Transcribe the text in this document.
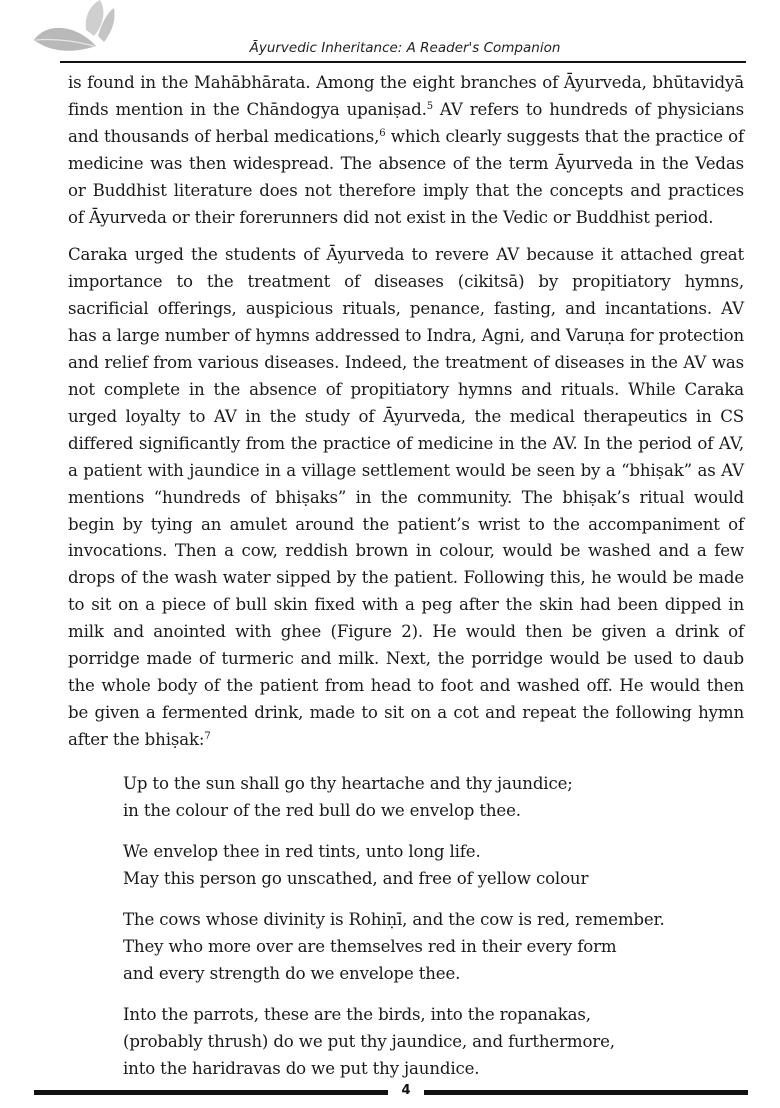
Āyurvedic Inheritance: A Reader's Companion

is found in the Mahābhārata. Among the eight branches of Āyurveda, bhūtavidyā finds mention in the Chāndogya upaniṣad.$^5$ AV refers to hundreds of physicians and thousands of herbal medications,$^6$ which clearly suggests that the practice of medicine was then widespread. The absence of the term Āyurveda in the Vedas or Buddhist literature does not therefore imply that the concepts and practices of Āyurveda or their forerunners did not exist in the Vedic or Buddhist period.

Caraka urged the students of Āyurveda to revere AV because it attached great importance to the treatment of diseases (cikitsā) by propitiatory hymns, sacrificial offerings, auspicious rituals, penance, fasting, and incantations. AV has a large number of hymns addressed to Indra, Agni, and Varuṇa for protection and relief from various diseases. Indeed, the treatment of diseases in the AV was not complete in the absence of propitiatory hymns and rituals. While Caraka urged loyalty to AV in the study of Āyurveda, the medical therapeutics in CS differed significantly from the practice of medicine in the AV. In the period of AV, a patient with jaundice in a village settlement would be seen by a “bhiṣak” as AV mentions “hundreds of bhiṣaks” in the community. The bhiṣak’s ritual would begin by tying an amulet around the patient’s wrist to the accompaniment of invocations. Then a cow, reddish brown in colour, would be washed and a few drops of the wash water sipped by the patient. Following this, he would be made to sit on a piece of bull skin fixed with a peg after the skin had been dipped in milk and anointed with ghee (Figure 2). He would then be given a drink of porridge made of turmeric and milk. Next, the porridge would be used to daub the whole body of the patient from head to foot and washed off. He would then be given a fermented drink, made to sit on a cot and repeat the following hymn after the bhiṣak:$^7$

Up to the sun shall go thy heartache and thy jaundice;
in the colour of the red bull do we envelop thee.
We envelop thee in red tints, unto long life.
May this person go unscathed, and free of yellow colour
The cows whose divinity is Rohiṇī, and the cow is red, remember.
They who more over are themselves red in their every form
and every strength do we envelope thee.
Into the parrots, these are the birds, into the ropanakas,
(probably thrush) do we put thy jaundice, and furthermore,
into the haridravas do we put thy jaundice.
4
